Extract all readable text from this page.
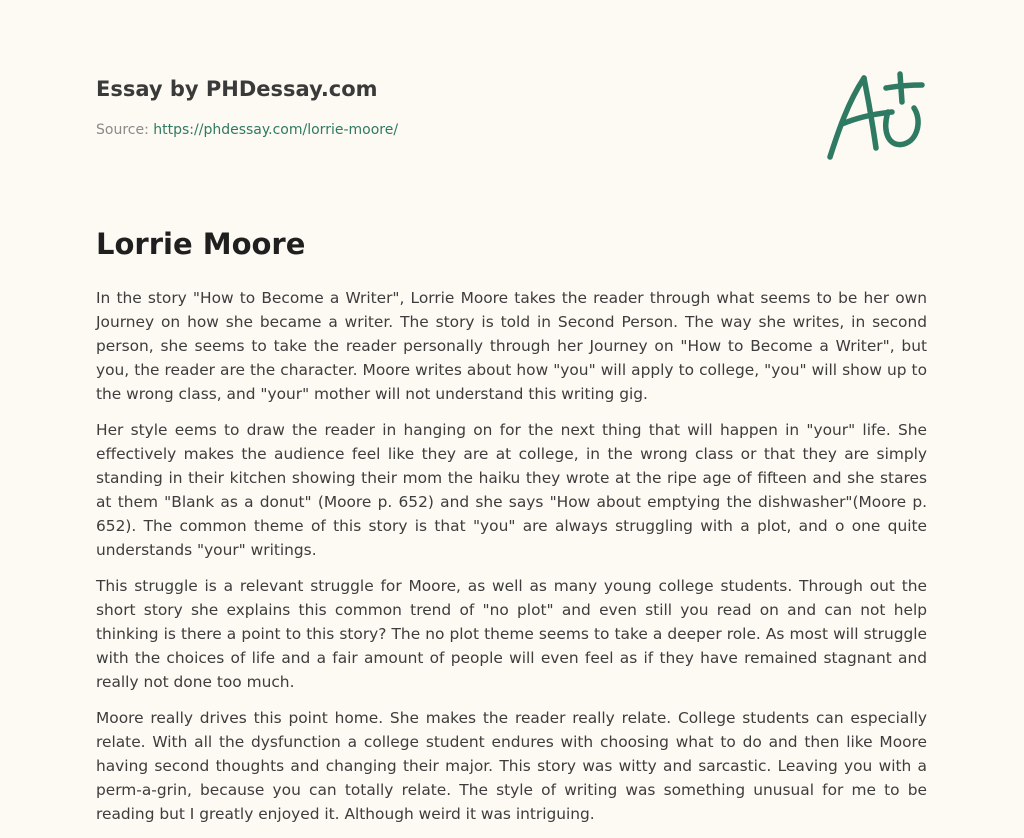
Essay by PHDessay.com
Source: https://phdessay.com/lorrie-moore/
Lorrie Moore

In the story "How to Become a Writer", Lorrie Moore takes the reader through what seems to be her own Journey on how she became a writer. The story is told in Second Person. The way she writes, in second person, she seems to take the reader personally through her Journey on "How to Become a Writer", but you, the reader are the character. Moore writes about how "you" will apply to college, "you" will show up to the wrong class, and "your" mother will not understand this writing gig.

Her style eems to draw the reader in hanging on for the next thing that will happen in "your" life. She effectively makes the audience feel like they are at college, in the wrong class or that they are simply standing in their kitchen showing their mom the haiku they wrote at the ripe age of fifteen and she stares at them "Blank as a donut" (Moore p. 652) and she says "How about emptying the dishwasher"(Moore p. 652). The common theme of this story is that "you" are always struggling with a plot, and o one quite understands "your" writings.

This struggle is a relevant struggle for Moore, as well as many young college students. Through out the short story she explains this common trend of "no plot" and even still you read on and can not help thinking is there a point to this story? The no plot theme seems to take a deeper role. As most will struggle with the choices of life and a fair amount of people will even feel as if they have remained stagnant and really not done too much.

Moore really drives this point home. She makes the reader really relate. College students can especially relate. With all the dysfunction a college student endures with choosing what to do and then like Moore having second thoughts and changing their major. This story was witty and sarcastic. Leaving you with a perm-a-grin, because you can totally relate. The style of writing was something unusual for me to be reading but I greatly enjoyed it. Although weird it was intriguing.
